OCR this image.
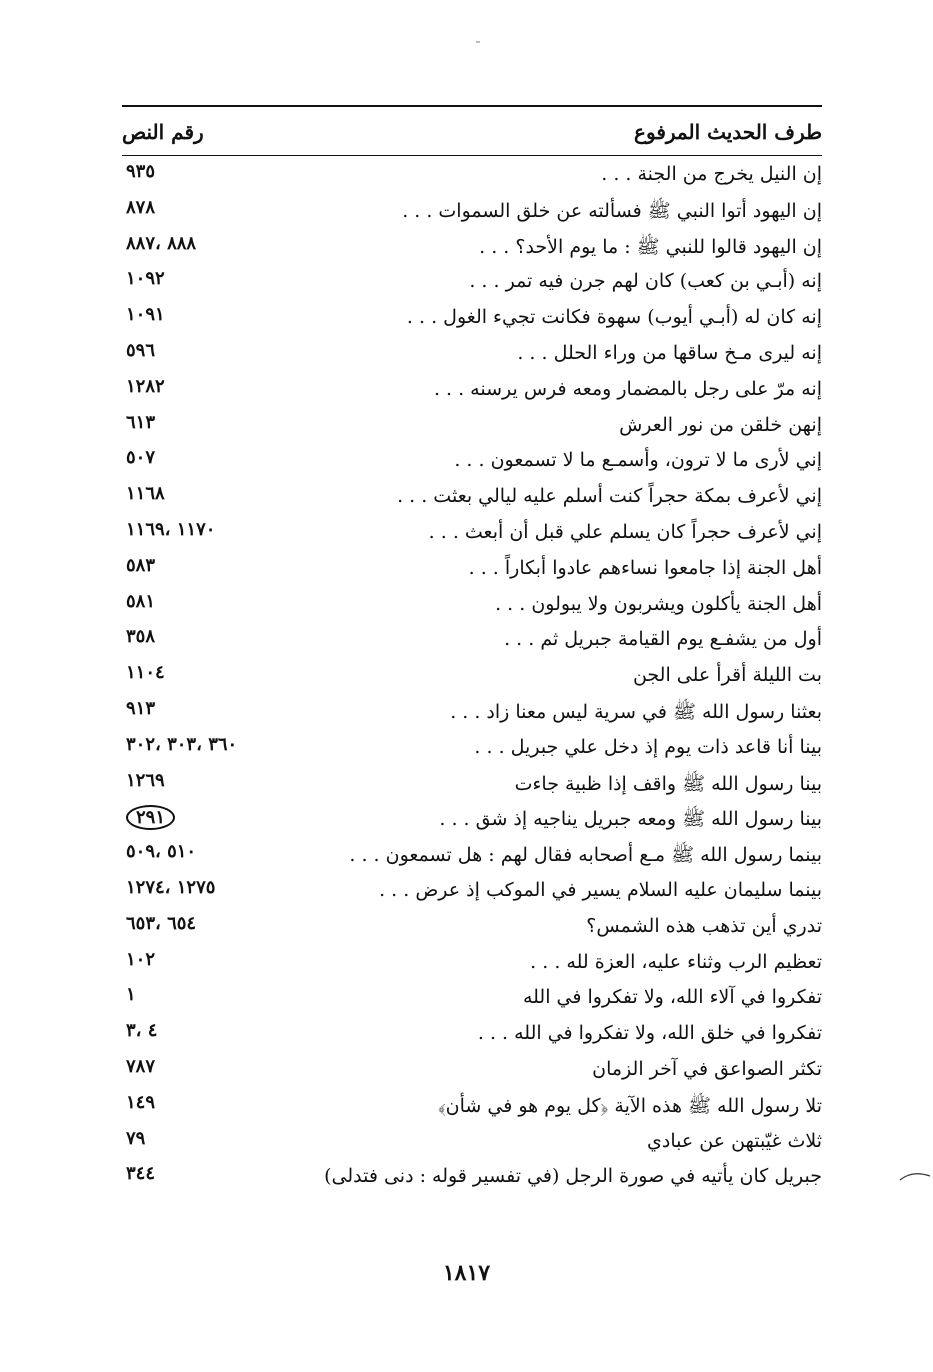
طرف الحديث المرفوع
رقم النص
إن النيل يخرج من الجنة . . .
٩٣٥
إن اليهود أتوا النبي ﷺ فسألته عن خلق السموات . . .
٨٧٨
إن اليهود قالوا للنبي ﷺ : ما يوم الأحد؟ . . .
٨٨٨ ،٨٨٧
إنه (أبـي بن كعب) كان لهم جرن فيه تمر . . .
١٠٩٢
إنه كان له (أبـي أيوب) سهوة فكانت تجيء الغول . . .
١٠٩١
إنه ليرى مـخ ساقها من وراء الحلل . . .
٥٩٦
إنه مرّ على رجل بالمضمار ومعه فرس يرسنه . . .
١٢٨٢
إنهن خلقن من نور العرش
٦١٣
إني لأرى ما لا ترون، وأسمـع ما لا تسمعون . . .
٥٠٧
إني لأعرف بمكة حجراً كنت أسلم عليه ليالي بعثت . . .
١١٦٨
إني لأعرف حجراً كان يسلم علي قبل أن أبعث . . .
١١٧٠ ،١١٦٩
أهل الجنة إذا جامعوا نساءهم عادوا أبكاراً . . .
٥٨٣
أهل الجنة يأكلون ويشربون ولا يبولون . . .
٥٨١
أول من يشفـع يوم القيامة جبريل ثم . . .
٣٥٨
بت الليلة أقرأ على الجن
١١٠٤
بعثنا رسول الله ﷺ في سرية ليس معنا زاد . . .
٩١٣
بينا أنا قاعد ذات يوم إذ دخل علي جبريل . . .
٣٦٠ ،٣٠٣ ،٣٠٢
بينا رسول الله ﷺ واقف إذا ظبية جاءت
١٢٦٩
بينا رسول الله ﷺ ومعه جبريل يناجيه إذ شق . . .
٢٩١
بينما رسول الله ﷺ مـع أصحابه فقال لهم : هل تسمعون . . .
٥١٠ ،٥٠٩
بينما سليمان عليه السلام يسير في الموكب إذ عرض . . .
١٢٧٥ ،١٢٧٤
تدري أين تذهب هذه الشمس؟
٦٥٤ ،٦٥٣
تعظيم الرب وثناء عليه، العزة لله . . .
١٠٢
تفكروا في آلاء الله، ولا تفكروا في الله
١
تفكروا في خلق الله، ولا تفكروا في الله . . .
٤ ،٣
تكثر الصواعق في آخر الزمان
٧٨٧
تلا رسول الله ﷺ هذه الآية ﴿كل يوم هو في شأن﴾
١٤٩
ثلاث غيّبتهن عن عبادي
٧٩
جبريل كان يأتيه في صورة الرجل (في تفسير قوله : دنى فتدلى)
٣٤٤
١٨١٧
